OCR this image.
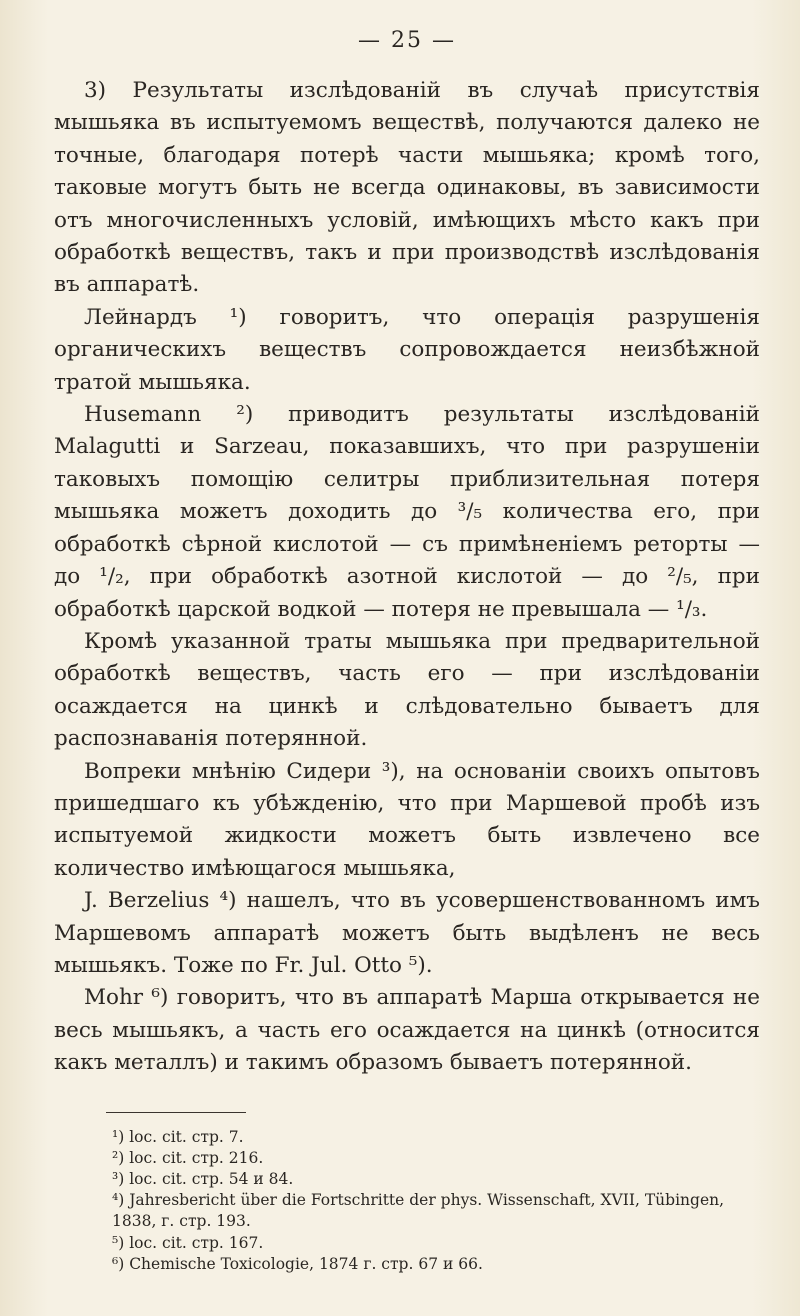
— 25 —

3) Результаты изслѣдованій въ случаѣ присутствія мышьяка въ испытуемомъ веществѣ, получаются далеко не точные, благодаря потерѣ части мышьяка; кромѣ того, таковые могутъ быть не всегда одинаковы, въ зависимости отъ многочисленныхъ условій, имѣющихъ мѣсто какъ при обработкѣ веществъ, такъ и при производствѣ изслѣдованія въ аппаратѣ.

Лейнардъ ¹) говоритъ, что операція разрушенія органическихъ веществъ сопровождается неизбѣжной тратой мышьяка.

Husemann ²) приводитъ результаты изслѣдованій Malagutti и Sarzeau, показавшихъ, что при разрушеніи таковыхъ помощію селитры приблизительная потеря мышьяка можетъ доходить до ³/₅ количества его, при обработкѣ сѣрной кислотой — съ примѣненіемъ реторты — до ¹/₂, при обработкѣ азотной кислотой — до ²/₅, при обработкѣ царской водкой — потеря не превышала — ¹/₃.

Кромѣ указанной траты мышьяка при предварительной обработкѣ веществъ, часть его — при изслѣдованіи осаждается на цинкѣ и слѣдовательно бываетъ для распознаванія потерянной.

Вопреки мнѣнію Сидери ³), на основаніи своихъ опытовъ пришедшаго къ убѣжденію, что при Маршевой пробѣ изъ испытуемой жидкости можетъ быть извлечено все количество имѣющагося мышьяка,

J. Berzelius ⁴) нашелъ, что въ усовершенствованномъ имъ Маршевомъ аппаратѣ можетъ быть выдѣленъ не весь мышьякъ. Тоже по Fr. Jul. Otto ⁵).

Mohr ⁶) говоритъ, что въ аппаратѣ Марша открывается не весь мышьякъ, а часть его осаждается на цинкѣ (относится какъ металлъ) и такимъ образомъ бываетъ потерянной.

¹) loc. cit. стр. 7.

²) loc. cit. стр. 216.

³) loc. cit. стр. 54 и 84.

⁴) Jahresbericht über die Fortschritte der phys. Wissenschaft, XVII, Tübingen, 1838, г. стр. 193.

⁵) loc. cit. стр. 167.

⁶) Chemische Toxicologie, 1874 г. стр. 67 и 66.
